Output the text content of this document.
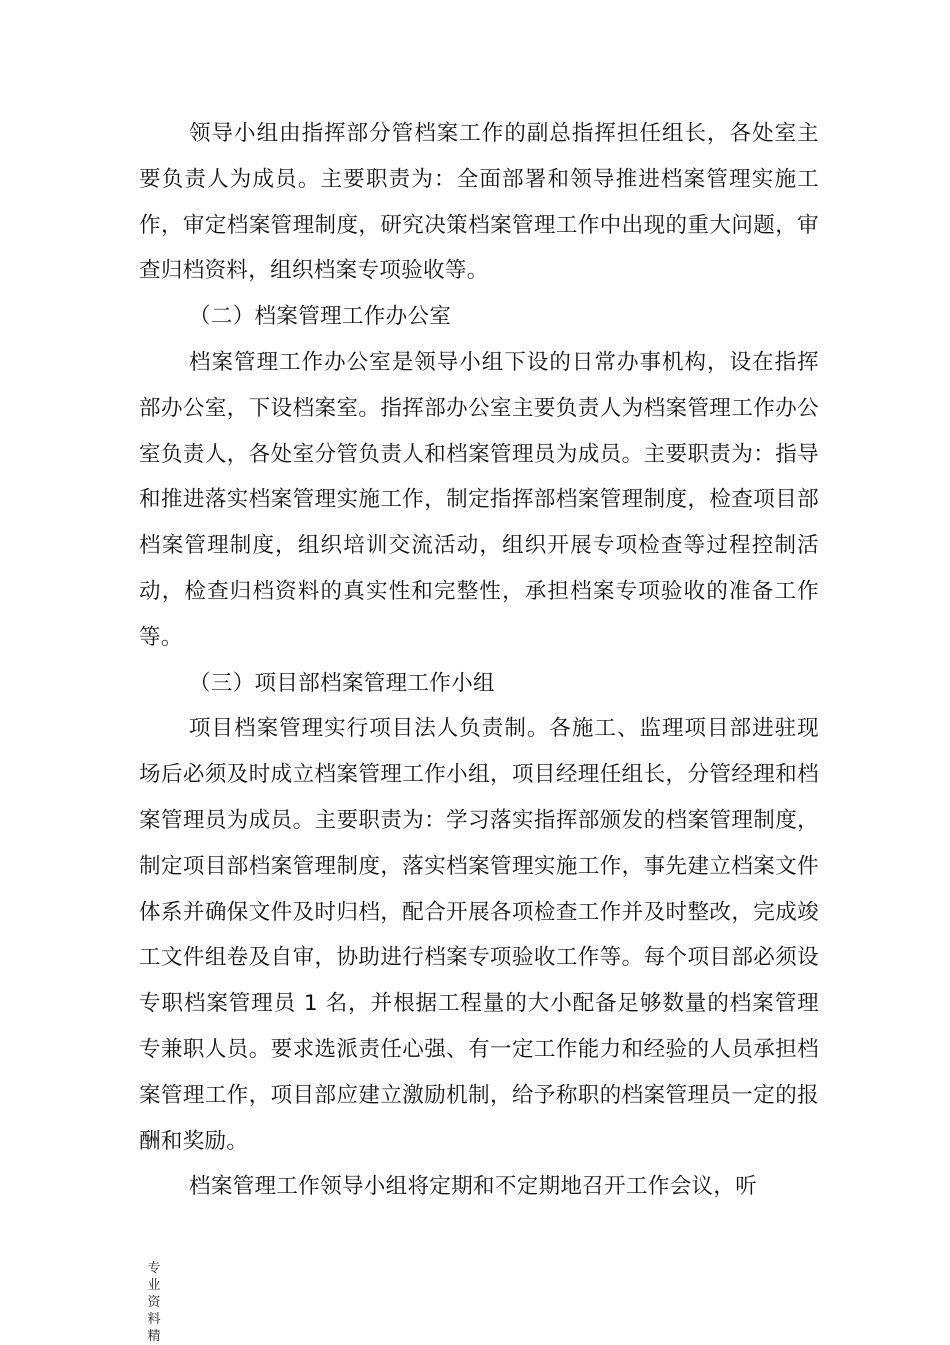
领导小组由指挥部分管档案工作的副总指挥担任组长，各处室主要负责人为成员。主要职责为：全面部署和领导推进档案管理实施工作，审定档案管理制度，研究决策档案管理工作中出现的重大问题，审查归档资料，组织档案专项验收等。

（二）档案管理工作办公室

档案管理工作办公室是领导小组下设的日常办事机构，设在指挥部办公室，下设档案室。指挥部办公室主要负责人为档案管理工作办公室负责人，各处室分管负责人和档案管理员为成员。主要职责为：指导和推进落实档案管理实施工作，制定指挥部档案管理制度，检查项目部档案管理制度，组织培训交流活动，组织开展专项检查等过程控制活动，检查归档资料的真实性和完整性，承担档案专项验收的准备工作等。

（三）项目部档案管理工作小组

项目档案管理实行项目法人负责制。各施工、监理项目部进驻现场后必须及时成立档案管理工作小组，项目经理任组长，分管经理和档案管理员为成员。主要职责为：学习落实指挥部颁发的档案管理制度，制定项目部档案管理制度，落实档案管理实施工作，事先建立档案文件体系并确保文件及时归档，配合开展各项检查工作并及时整改，完成竣工文件组卷及自审，协助进行档案专项验收工作等。每个项目部必须设专职档案管理员 1 名，并根据工程量的大小配备足够数量的档案管理专兼职人员。要求选派责任心强、有一定工作能力和经验的人员承担档案管理工作，项目部应建立激励机制，给予称职的档案管理员一定的报酬和奖励。

档案管理工作领导小组将定期和不定期地召开工作会议，听

专业资料精
